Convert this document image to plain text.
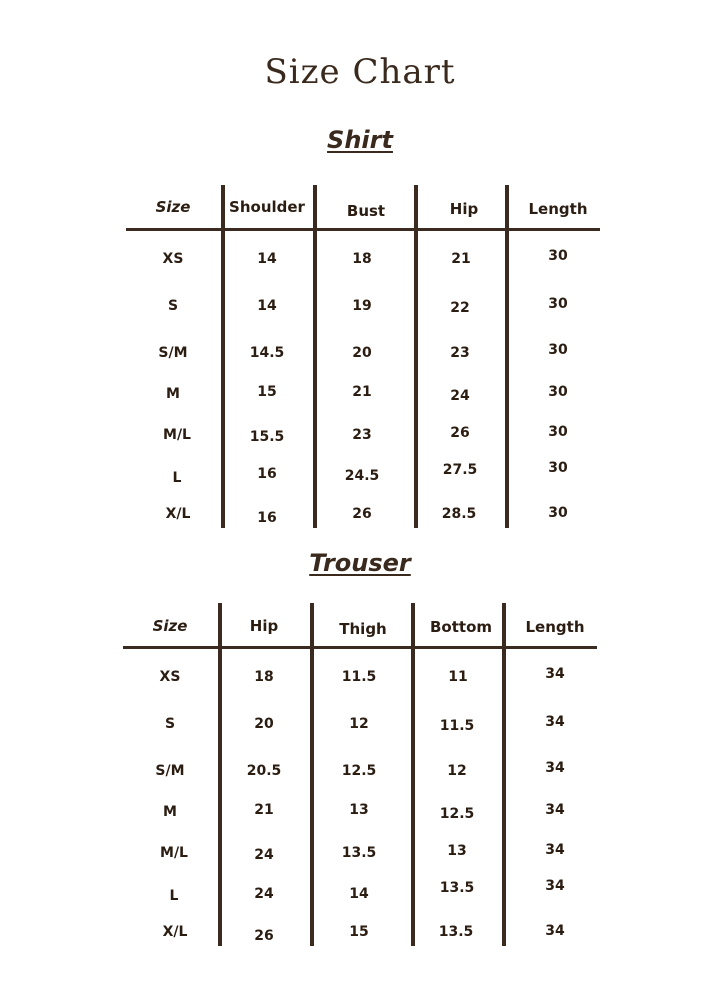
Size Chart
Shirt
Size	Shoulder	Bust	Hip	Length
XS	14	18	21	30
S	14	19	22	30
S/M	14.5	20	23	30
M	15	21	24	30
M/L	15.5	23	26	30
L	16	24.5	27.5	30
X/L	16	26	28.5	30
Trouser
Size	Hip	Thigh	Bottom	Length
XS	18	11.5	11	34
S	20	12	11.5	34
S/M	20.5	12.5	12	34
M	21	13	12.5	34
M/L	24	13.5	13	34
L	24	14	13.5	34
X/L	26	15	13.5	34
